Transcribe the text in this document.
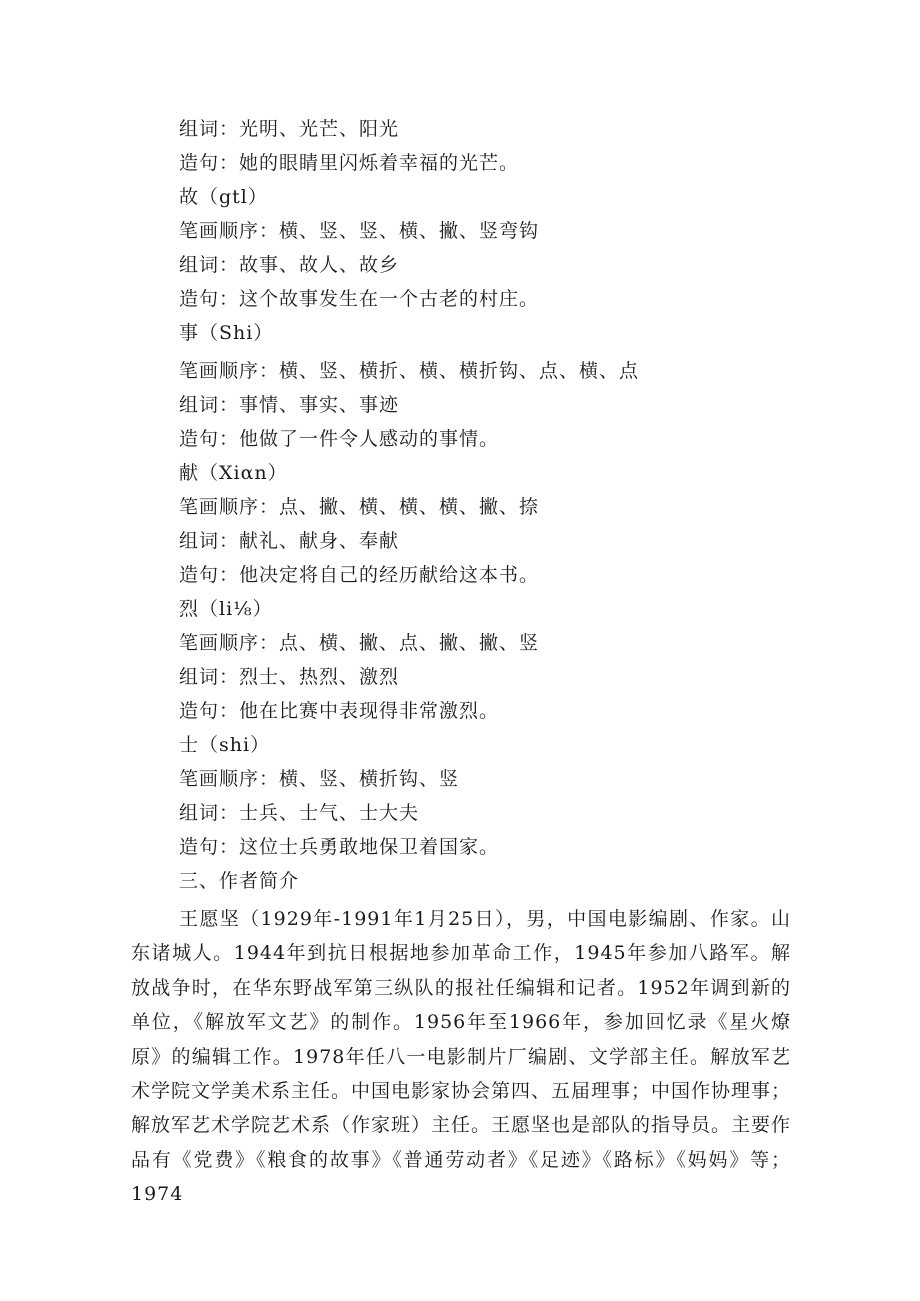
组词：光明、光芒、阳光
造句：她的眼睛里闪烁着幸福的光芒。
故（gtl）
笔画顺序：横、竖、竖、横、撇、竖弯钩
组词：故事、故人、故乡
造句：这个故事发生在一个古老的村庄。
事（Shi）
笔画顺序：横、竖、横折、横、横折钩、点、横、点
组词：事情、事实、事迹
造句：他做了一件令人感动的事情。
献（Xiαn）
笔画顺序：点、撇、横、横、横、撇、捺
组词：献礼、献身、奉献
造句：他决定将自己的经历献给这本书。
烈（li⅛）
笔画顺序：点、横、撇、点、撇、撇、竖
组词：烈士、热烈、激烈
造句：他在比赛中表现得非常激烈。
士（shi）
笔画顺序：横、竖、横折钩、竖
组词：士兵、士气、士大夫
造句：这位士兵勇敢地保卫着国家。
三、作者简介
王愿坚（1929年-1991年1月25日），男，中国电影编剧、作家。山东诸城人。1944年到抗日根据地参加革命工作，1945年参加八路军。解放战争时，在华东野战军第三纵队的报社任编辑和记者。1952年调到新的单位，《解放军文艺》的制作。1956年至1966年，参加回忆录《星火燎原》的编辑工作。1978年任八一电影制片厂编剧、文学部主任。解放军艺术学院文学美术系主任。中国电影家协会第四、五届理事；中国作协理事；解放军艺术学院艺术系（作家班）主任。王愿坚也是部队的指导员。主要作品有《党费》《粮食的故事》《普通劳动者》《足迹》《路标》《妈妈》等；1974
